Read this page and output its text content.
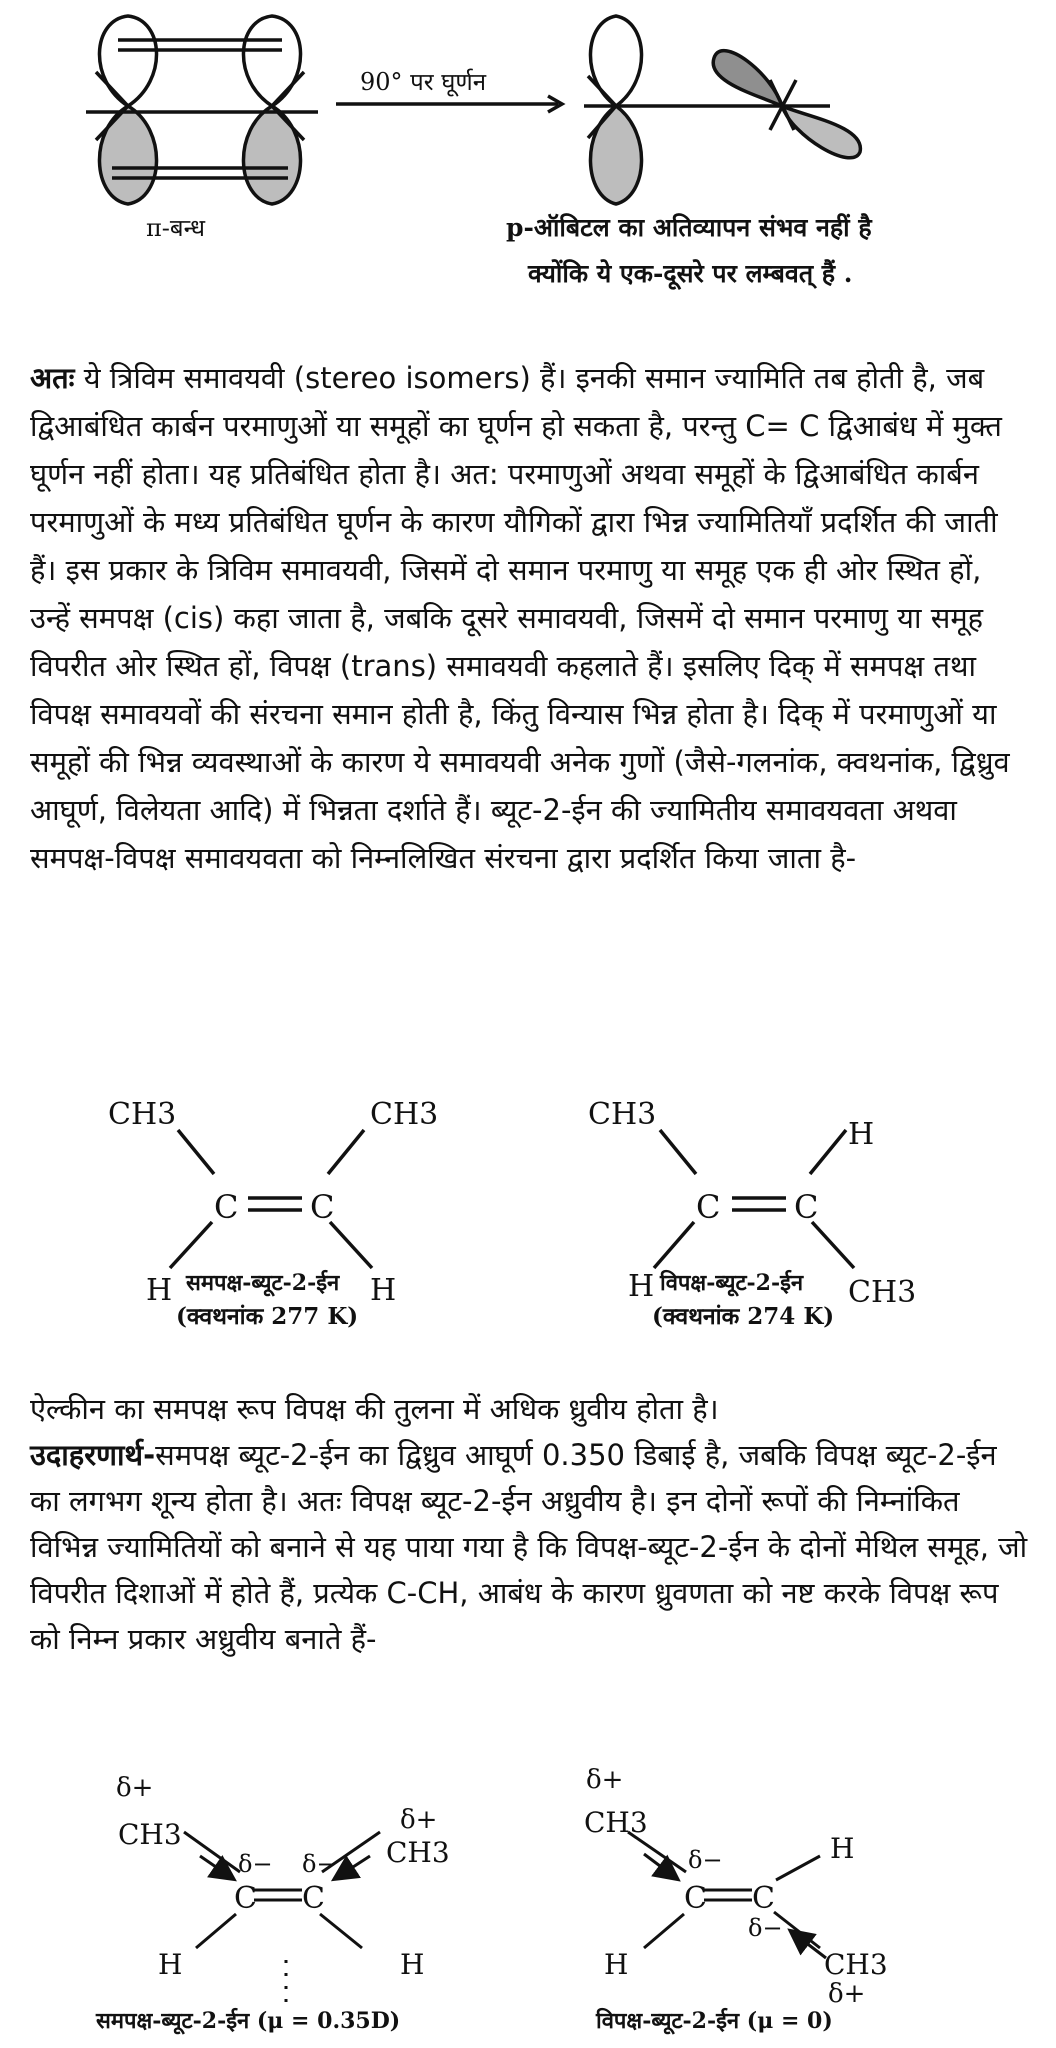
π-बन्ध
90° पर घूर्णन
p-ऑबिटल का अतिव्यापन संभव नहीं है
क्योंकि ये एक-दूसरे पर लम्बवत् हैं .

अतः ये त्रिविम समावयवी (stereo isomers) हैं। इनकी समान ज्यामिति तब होती है, जब द्विआबंधित कार्बन परमाणुओं या समूहों का घूर्णन हो सकता है, परन्तु C= C द्विआबंध में मुक्त घूर्णन नहीं होता। यह प्रतिबंधित होता है। अत: परमाणुओं अथवा समूहों के द्विआबंधित कार्बन परमाणुओं के मध्य प्रतिबंधित घूर्णन के कारण यौगिकों द्वारा भिन्न ज्यामितियाँ प्रदर्शित की जाती हैं। इस प्रकार के त्रिविम समावयवी, जिसमें दो समान परमाणु या समूह एक ही ओर स्थित हों, उन्हें समपक्ष (cis) कहा जाता है, जबकि दूसरे समावयवी, जिसमें दो समान परमाणु या समूह विपरीत ओर स्थित हों, विपक्ष (trans) समावयवी कहलाते हैं। इसलिए दिक् में समपक्ष तथा विपक्ष समावयवों की संरचना समान होती है, किंतु विन्यास भिन्न होता है। दिक् में परमाणुओं या समूहों की भिन्न व्यवस्थाओं के कारण ये समावयवी अनेक गुणों (जैसे-गलनांक, क्वथनांक, द्विध्रुव आघूर्ण, विलेयता आदि) में भिन्नता दर्शाते हैं। ब्यूट-2-ईन की ज्यामितीय समावयवता अथवा समपक्ष-विपक्ष समावयवता को निम्नलिखित संरचना द्वारा प्रदर्शित किया जाता है-

CH3	CH3
C C
H	H
समपक्ष-ब्यूट-2-ईन
(क्वथनांक 277 K)
CH3
H
C C
H	CH3
विपक्ष-ब्यूट-2-ईन
(क्वथनांक 274 K)

ऐल्कीन का समपक्ष रूप विपक्ष की तुलना में अधिक ध्रुवीय होता है।
उदाहरणार्थ-समपक्ष ब्यूट-2-ईन का द्विध्रुव आघूर्ण 0.350 डिबाई है, जबकि विपक्ष ब्यूट-2-ईन का लगभग शून्य होता है। अतः विपक्ष ब्यूट-2-ईन अध्रुवीय है। इन दोनों रूपों की निम्नांकित विभिन्न ज्यामितियों को बनाने से यह पाया गया है कि विपक्ष-ब्यूट-2-ईन के दोनों मेथिल समूह, जो विपरीत दिशाओं में होते हैं, प्रत्येक C-CH, आबंध के कारण ध्रुवणता को नष्ट करके विपक्ष रूप को निम्न प्रकार अध्रुवीय बनाते हैं-

δ+
CH3
δ− δ−
δ+
CH3
C C
H	H
समपक्ष-ब्यूट-2-ईन (μ = 0.35D)
δ+
CH3
δ−	H
C C
δ−
H	CH3
δ+
विपक्ष-ब्यूट-2-ईन (μ = 0)
